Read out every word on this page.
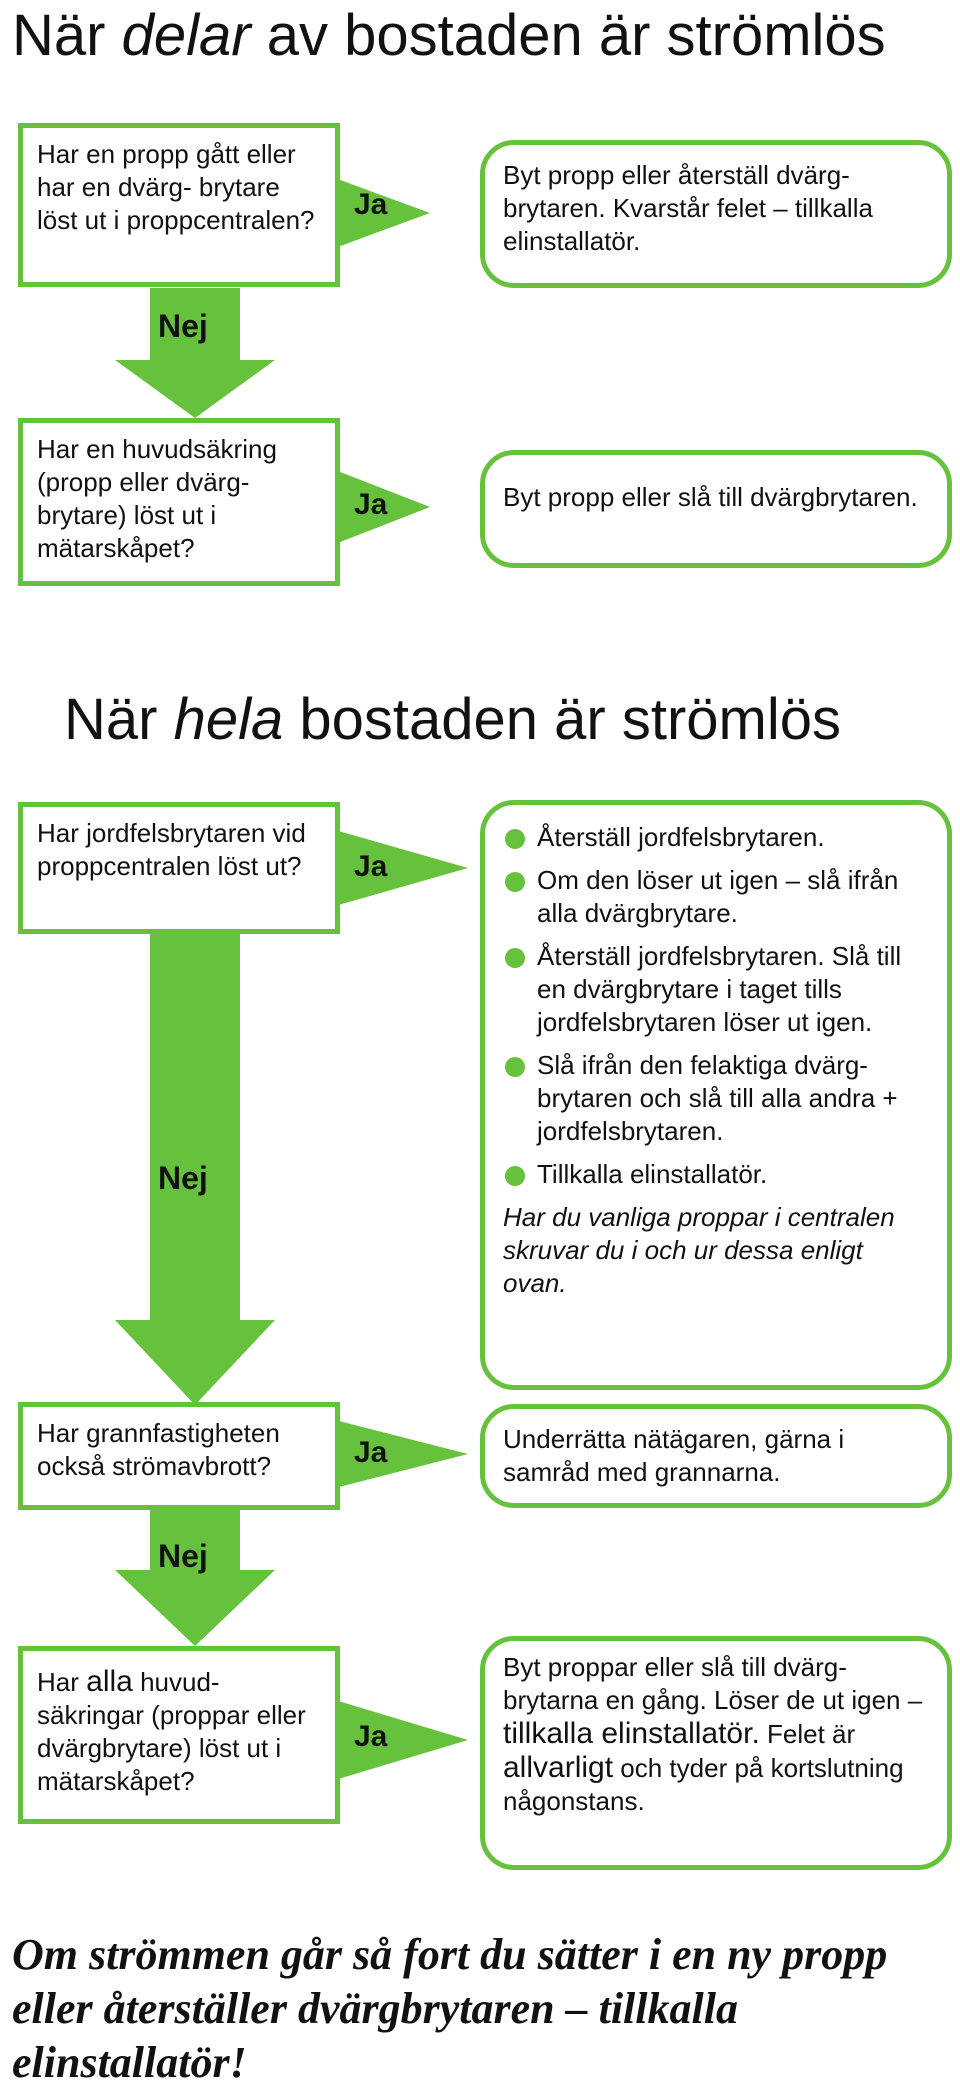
När delar av bostaden är strömlös
Har en propp gått eller har en dvärg- brytare löst ut i proppcentralen?	Ja
Byt propp eller återställ dvärg- brytaren. Kvarstår felet – tillkalla elinstallatör.
Nej
Har en huvudsäkring (propp eller dvärg- brytare) löst ut i mätarskåpet?
Ja	Byt propp eller slå till dvärgbrytaren.
När hela bostaden är strömlös
Har jordfelsbrytaren vid proppcentralen löst ut?	Ja
Återställ jordfelsbrytaren.
Om den löser ut igen – slå ifrån alla dvärgbrytare.
Återställ jordfelsbrytaren. Slå till en dvärgbrytare i taget tills jordfelsbrytaren löser ut igen.
Slå ifrån den felaktiga dvärg- brytaren och slå till alla andra + jordfelsbrytaren.
Tillkalla elinstallatör.
Har du vanliga proppar i centralen skruvar du i och ur dessa enligt ovan.
Nej
Har grannfastigheten också strömavbrott?	Ja	Underrätta nätägaren, gärna i samråd med grannarna.
Nej
Har alla huvud- säkringar (proppar eller dvärgbrytare) löst ut i mätarskåpet?
Ja
Byt proppar eller slå till dvärg- brytarna en gång. Löser de ut igen – tillkalla elinstallatör. Felet är allvarligt och tyder på kortslutning någonstans.
Om strömmen går så fort du sätter i en ny propp eller återställer dvärgbrytaren – tillkalla elinstallatör!
